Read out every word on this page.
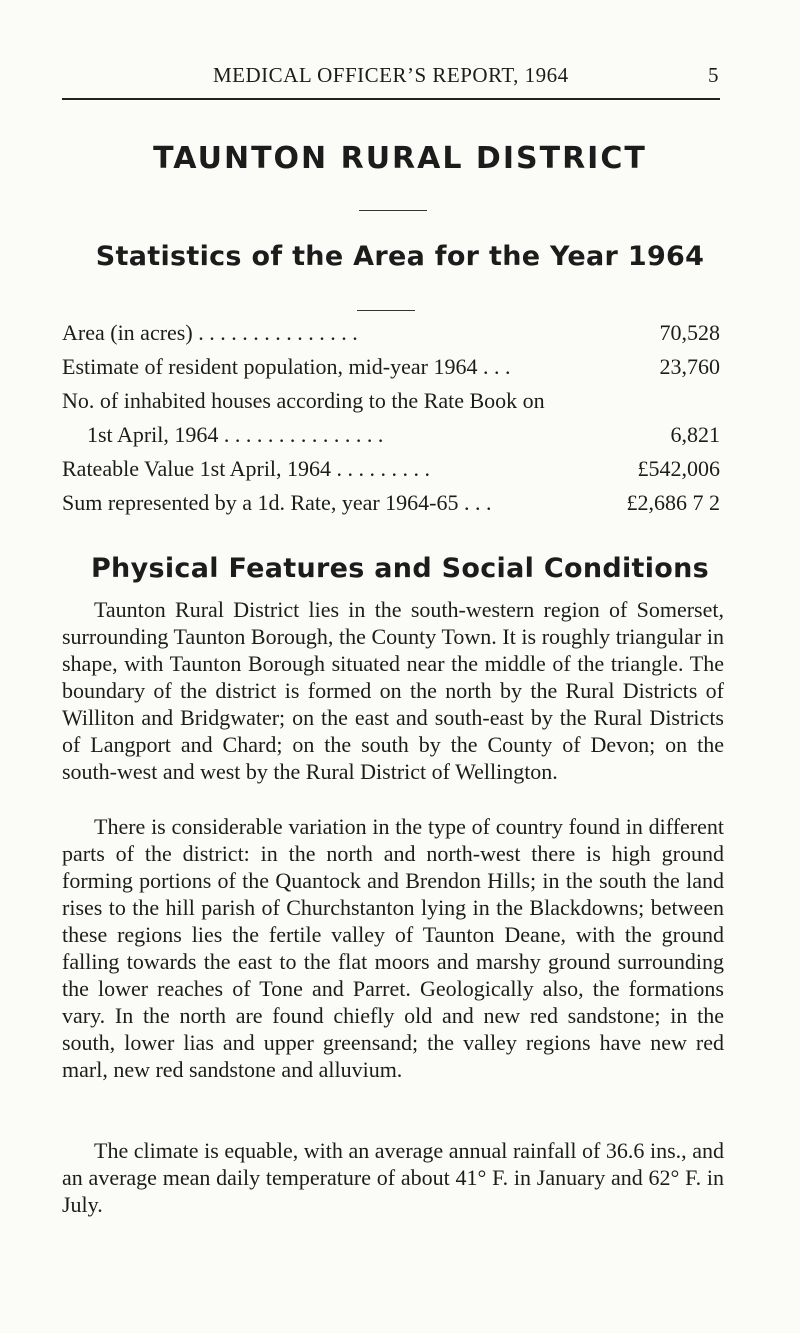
MEDICAL OFFICER’S REPORT, 1964	5
TAUNTON RURAL DISTRICT
Statistics of the Area for the Year 1964
Area (in acres) . . . . . . . . . . . . . . .	70,528
Estimate of resident population, mid-year 1964 . . .	23,760
No. of inhabited houses according to the Rate Book on
1st April, 1964 . . . . . . . . . . . . . . .	6,821
Rateable Value 1st April, 1964 . . . . . . . . .	£542,006
Sum represented by a 1d. Rate, year 1964-65 . . .	£2,686 7 2
Physical Features and Social Conditions

Taunton Rural District lies in the south-western region of Somerset, surrounding Taunton Borough, the County Town. It is roughly triangular in shape, with Taunton Borough situated near the middle of the triangle. The boundary of the district is formed on the north by the Rural Districts of Williton and Bridgwater; on the east and south-east by the Rural Districts of Langport and Chard; on the south by the County of Devon; on the south-west and west by the Rural District of Wellington.

There is considerable variation in the type of country found in different parts of the district: in the north and north-west there is high ground forming portions of the Quantock and Brendon Hills; in the south the land rises to the hill parish of Churchstanton lying in the Blackdowns; between these regions lies the fertile valley of Taunton Deane, with the ground falling towards the east to the flat moors and marshy ground surrounding the lower reaches of Tone and Parret. Geologically also, the formations vary. In the north are found chiefly old and new red sandstone; in the south, lower lias and upper greensand; the valley regions have new red marl, new red sandstone and alluvium.

The climate is equable, with an average annual rainfall of 36.6 ins., and an average mean daily temperature of about 41° F. in January and 62° F. in July.
